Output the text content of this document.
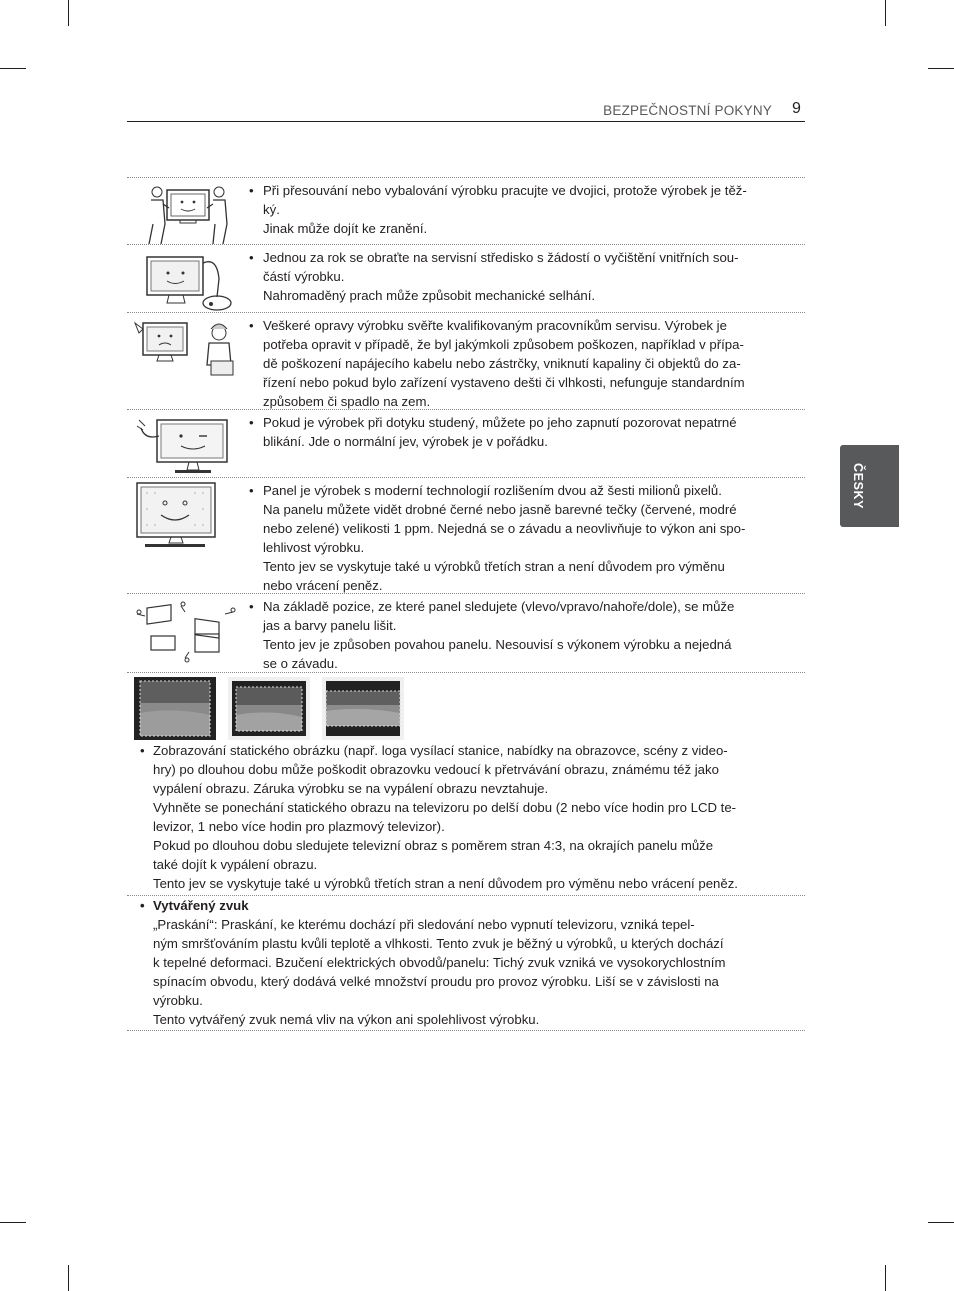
BEZPEČNOSTNÍ POKYNY 9
ČESKY
• Při přesouvání nebo vybalování výrobku pracujte ve dvojici, protože výrobek je těž-
ký.
Jinak může dojít ke zranění.

• Jednou za rok se obraťte na servisní středisko s žádostí o vyčištění vnitřních sou-
částí výrobku.
Nahromaděný prach může způsobit mechanické selhání.

• Veškeré opravy výrobku svěřte kvalifikovaným pracovníkům servisu. Výrobek je
potřeba opravit v případě, že byl jakýmkoli způsobem poškozen, například v přípa-
dě poškození napájecího kabelu nebo zástrčky, vniknutí kapaliny či objektů do za-
řízení nebo pokud bylo zařízení vystaveno dešti či vlhkosti, nefunguje standardním
způsobem či spadlo na zem.

• Pokud je výrobek při dotyku studený, můžete po jeho zapnutí pozorovat nepatrné
blikání. Jde o normální jev, výrobek je v pořádku.

• Panel je výrobek s moderní technologií rozlišením dvou až šesti milionů pixelů.
Na panelu můžete vidět drobné černé nebo jasně barevné tečky (červené, modré
nebo zelené) velikosti 1 ppm. Nejedná se o závadu a neovlivňuje to výkon ani spo-
lehlivost výrobku.
Tento jev se vyskytuje také u výrobků třetích stran a není důvodem pro výměnu
nebo vrácení peněz.

• Na základě pozice, ze které panel sledujete (vlevo/vpravo/nahoře/dole), se může
jas a barvy panelu lišit.
Tento jev je způsoben povahou panelu. Nesouvisí s výkonem výrobku a nejedná
se o závadu.

• Zobrazování statického obrázku (např. loga vysílací stanice, nabídky na obrazovce, scény z video-
hry) po dlouhou dobu může poškodit obrazovku vedoucí k přetrvávání obrazu, známému též jako
vypálení obrazu. Záruka výrobku se na vypálení obrazu nevztahuje.
Vyhněte se ponechání statického obrazu na televizoru po delší dobu (2 nebo více hodin pro LCD te-
levizor, 1 nebo více hodin pro plazmový televizor).
Pokud po dlouhou dobu sledujete televizní obraz s poměrem stran 4:3, na okrajích panelu může
také dojít k vypálení obrazu.
Tento jev se vyskytuje také u výrobků třetích stran a není důvodem pro výměnu nebo vrácení peněz.

• Vytvářený zvuk
„Praskání“: Praskání, ke kterému dochází při sledování nebo vypnutí televizoru, vzniká tepel-
ným smršťováním plastu kvůli teplotě a vlhkosti. Tento zvuk je běžný u výrobků, u kterých dochází
k tepelné deformaci. Bzučení elektrických obvodů/panelu: Tichý zvuk vzniká ve vysokorychlostním
spínacím obvodu, který dodává velké množství proudu pro provoz výrobku. Liší se v závislosti na
výrobku.
Tento vytvářený zvuk nemá vliv na výkon ani spolehlivost výrobku.
